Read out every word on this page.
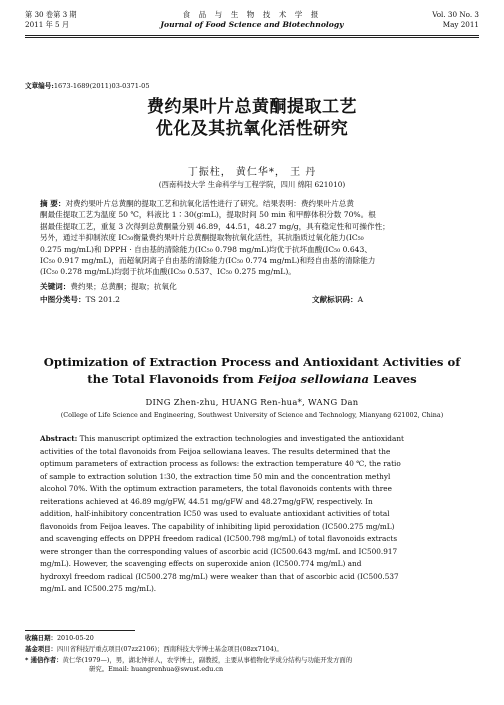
第 30 卷第 3 期
2011 年 5 月
食 品 与 生 物 技 术 学 报
Journal of Food Science and Biotechnology
Vol. 30 No. 3
May 2011
文章编号:1673-1689(2011)03-0371-05
费约果叶片总黄酮提取工艺
优化及其抗氧化活性研究
丁振柱， 黄仁华*， 王 丹
(西南科技大学 生命科学与工程学院，四川 绵阳 621010)
摘 要：对费约果叶片总黄酮的提取工艺和抗氧化活性进行了研究。结果表明：费约果叶片总黄
酮最佳提取工艺为温度 50 ℃，料液比 1∶30(g∶mL)，提取时间 50 min 和甲醇体积分数 70%。根
据最佳提取工艺，重复 3 次得到总黄酮量分别 46.89，44.51，48.27 mg/g，具有稳定性和可操作性；
另外，通过半抑制浓度 IC₅₀衡量费约果叶片总黄酮提取物抗氧化活性，其抗脂质过氧化能力(IC₅₀
0.275 mg/mL)和 DPPH · 自由基的清除能力(IC₅₀ 0.798 mg/mL)均优于抗坏血酸(IC₅₀ 0.643、
IC₅₀ 0.917 mg/mL)，而超氧阴离子自由基的清除能力(IC₅₀ 0.774 mg/mL)和羟自由基的清除能力
(IC₅₀ 0.278 mg/mL)均弱于抗坏血酸(IC₅₀ 0.537、IC₅₀ 0.275 mg/mL)。
关键词：费约果；总黄酮；提取；抗氧化
中图分类号：TS 201.2	文献标识码：A
Optimization of Extraction Process and Antioxidant Activities of
the Total Flavonoids from Feijoa sellowiana Leaves
DING Zhen-zhu, HUANG Ren-hua*, WANG Dan
(College of Life Science and Engineering, Southwest University of Science and Technology, Mianyang 621002, China)
Abstract: This manuscript optimized the extraction technologies and investigated the antioxidant
activities of the total flavonoids from Feijoa sellowiana leaves. The results determined that the
optimum parameters of extraction process as follows: the extraction temperature 40 ℃, the ratio
of sample to extraction solution 1∶30, the extraction time 50 min and the concentration methyl
alcohol 70%. With the optimum extraction parameters, the total flavonoids contents with three
reiterations achieved at 46.89 mg/gFW, 44.51 mg/gFW and 48.27mg/gFW, respectively. In
addition, half-inhibitory concentration IC50 was used to evaluate antioxidant activities of total
flavonoids from Feijoa leaves. The capability of inhibiting lipid peroxidation (IC500.275 mg/mL)
and scavenging effects on DPPH freedom radical (IC500.798 mg/mL) of total flavonoids extracts
were stronger than the corresponding values of ascorbic acid (IC500.643 mg/mL and IC500.917
mg/mL). However, the scavenging effects on superoxide anion (IC500.774 mg/mL) and
hydroxyl freedom radical (IC500.278 mg/mL) were weaker than that of ascorbic acid (IC500.537
mg/mL and IC500.275 mg/mL).
收稿日期：2010-05-20
基金项目：四川省科技厅重点项目(07zz2106)；西南科技大学博士基金项目(08zx7104)。
* 通信作者：黄仁华(1979—)，男，湖北钟祥人，农学博士，副教授，主要从事植物化学成分结构与功能开发方面的
研究。Email: huangrenhua@swust.edu.cn
